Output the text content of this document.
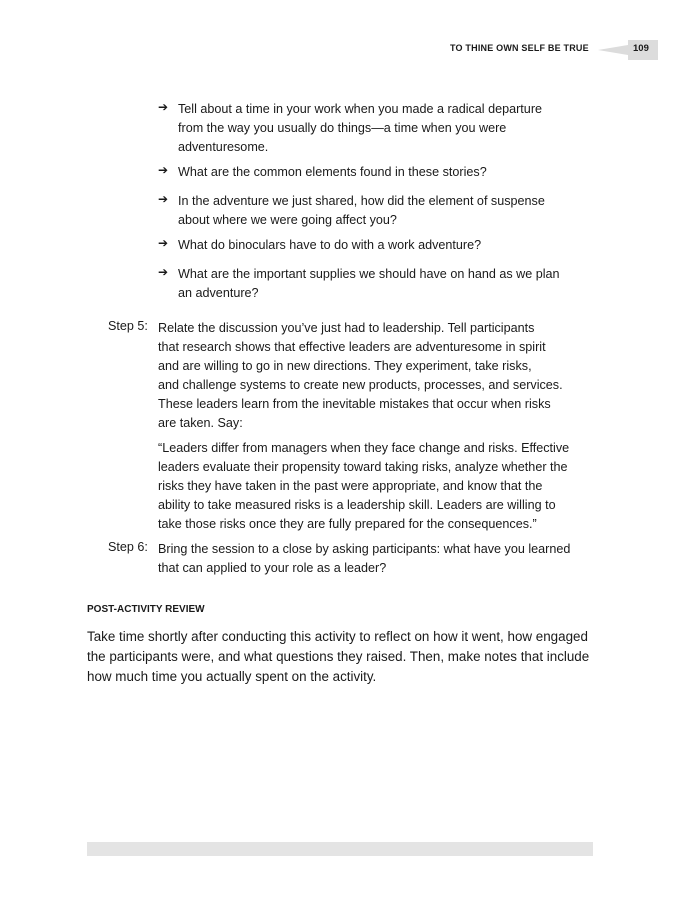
TO THINE OWN SELF BE TRUE	109
➔ Tell about a time in your work when you made a radical departure
from the way you usually do things—a time when you were
adventuresome.
➔ What are the common elements found in these stories?
➔ In the adventure we just shared, how did the element of suspense
about where we were going affect you?
➔ What do binoculars have to do with a work adventure?
➔ What are the important supplies we should have on hand as we plan
an adventure?
Step 5: Relate the discussion you’ve just had to leadership. Tell participants
that research shows that effective leaders are adventuresome in spirit
and are willing to go in new directions. They experiment, take risks,
and challenge systems to create new products, processes, and services.
These leaders learn from the inevitable mistakes that occur when risks
are taken. Say:
“Leaders differ from managers when they face change and risks. Effective
leaders evaluate their propensity toward taking risks, analyze whether the
risks they have taken in the past were appropriate, and know that the
ability to take measured risks is a leadership skill. Leaders are willing to
take those risks once they are fully prepared for the consequences.”
Step 6: Bring the session to a close by asking participants: what have you learned
that can applied to your role as a leader?
POST-ACTIVITY REVIEW
Take time shortly after conducting this activity to reflect on how it went, how engaged
the participants were, and what questions they raised. Then, make notes that include
how much time you actually spent on the activity.
